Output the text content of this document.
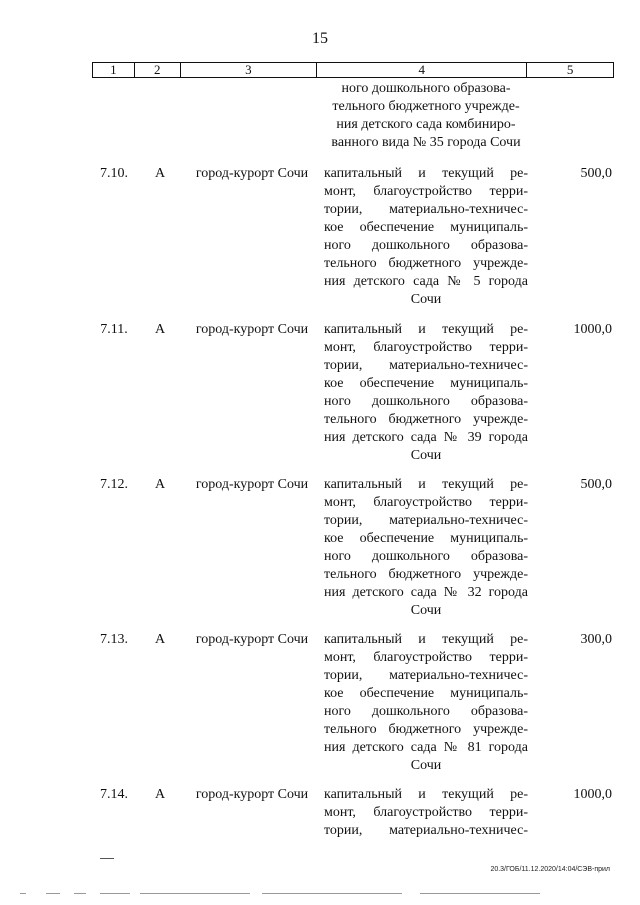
15
1	2	3	4	5
ного дошкольного образова-
тельного бюджетного учрежде-
ния детского сада комбиниро-
ванного вида № 35 города Сочи
7.10.	А	город-курорт Сочи	капитальный и текущий ре-
монт, благоустройство терри-
тории, материально-техничес-
кое обеспечение муниципаль-
ного дошкольного образова-
тельного бюджетного учрежде-
ния детского сада № 5 города
Сочи
500,0
7.11.	А	город-курорт Сочи	капитальный и текущий ре-
монт, благоустройство терри-
тории, материально-техничес-
кое обеспечение муниципаль-
ного дошкольного образова-
тельного бюджетного учрежде-
ния детского сада № 39 города
Сочи
1000,0
7.12.	А	город-курорт Сочи	капитальный и текущий ре-
монт, благоустройство терри-
тории, материально-техничес-
кое обеспечение муниципаль-
ного дошкольного образова-
тельного бюджетного учрежде-
ния детского сада № 32 города
Сочи
500,0
7.13.	А	город-курорт Сочи	капитальный и текущий ре-
монт, благоустройство терри-
тории, материально-техничес-
кое обеспечение муниципаль-
ного дошкольного образова-
тельного бюджетного учрежде-
ния детского сада № 81 города
Сочи
300,0
7.14.	А	город-курорт Сочи	капитальный и текущий ре-
монт, благоустройство терри-
тории, материально-техничес-
1000,0
20.3/ГОБ/11.12.2020/14:04/СЭВ-прил
